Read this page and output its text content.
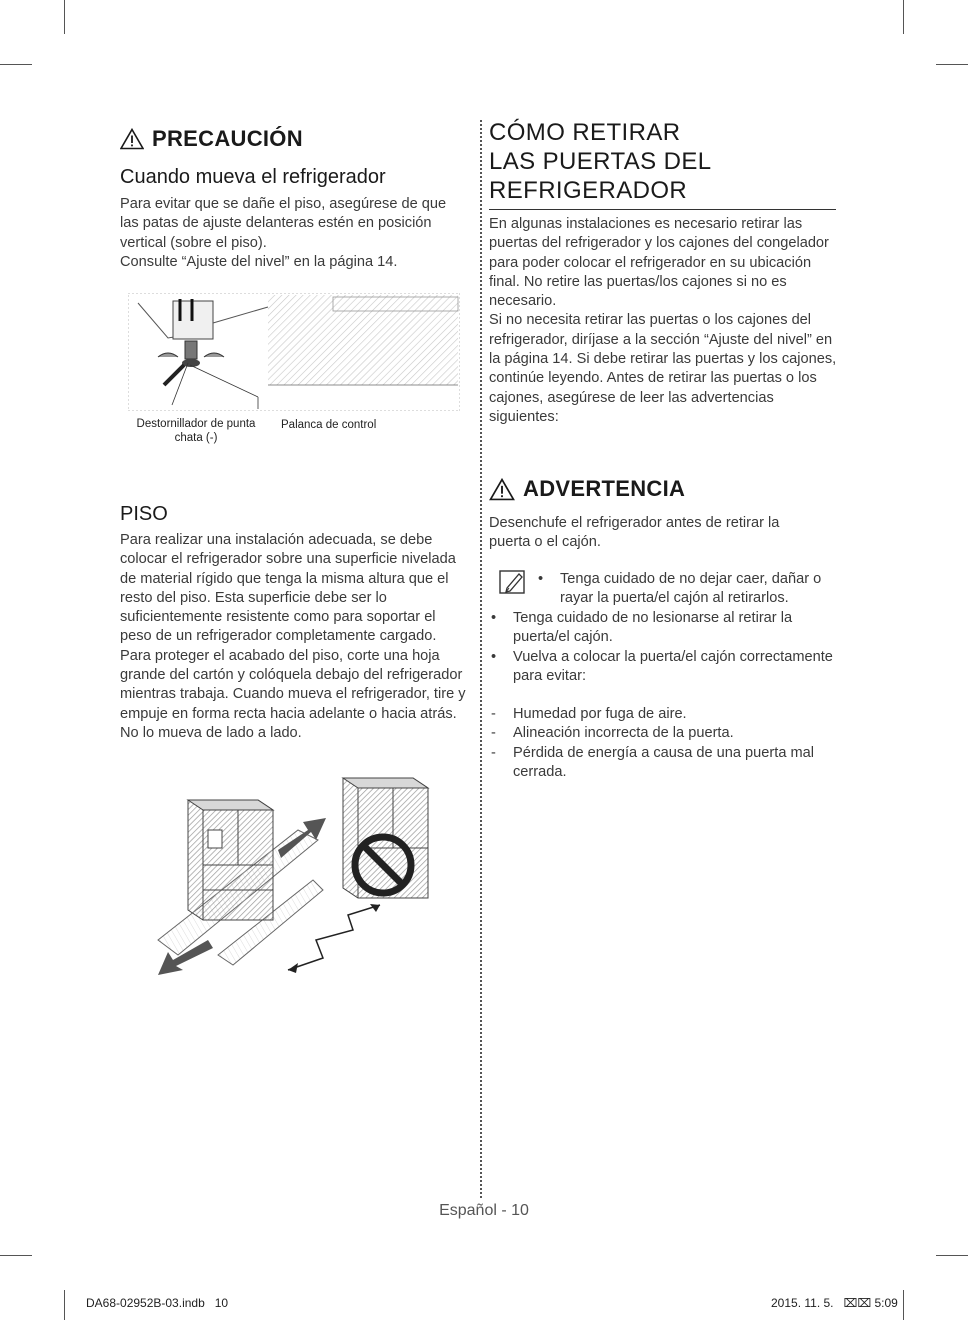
PRECAUCIÓN
Cuando mueva el refrigerador

Para evitar que se dañe el piso, asegúrese de que las patas de ajuste delanteras estén en posición vertical (sobre el piso).

Consulte “Ajuste del nivel” en la página 14.

Destornillador de punta chata (-)
Palanca de control
PISO
Para realizar una instalación adecuada, se debe colocar el refrigerador sobre una superficie nivelada de material rígido que tenga la misma altura que el resto del piso. Esta superficie debe ser lo suficientemente resistente como para soportar el peso de un refrigerador completamente cargado. Para proteger el acabado del piso, corte una hoja grande del cartón y colóquela debajo del refrigerador mientras trabaja. Cuando mueva el refrigerador, tire y empuje en forma recta hacia adelante o hacia atrás. No lo mueva de lado a lado.
CÓMO RETIRAR
LAS PUERTAS DEL
REFRIGERADOR

En algunas instalaciones es necesario retirar las puertas del refrigerador y los cajones del congelador para poder colocar el refrigerador en su ubicación final. No retire las puertas/los cajones si no es necesario.

Si no necesita retirar las puertas o los cajones del refrigerador, diríjase a la sección “Ajuste del nivel” en la página 14. Si debe retirar las puertas y los cajones, continúe leyendo. Antes de retirar las puertas o los cajones, asegúrese de leer las advertencias siguientes:

ADVERTENCIA
Desenchufe el refrigerador antes de retirar la puerta o el cajón.
•	Tenga cuidado de no dejar caer, dañar o rayar la puerta/el cajón al retirarlos.
•	Tenga cuidado de no lesionarse al retirar la puerta/el cajón.
•	Vuelva a colocar la puerta/el cajón correctamente para evitar:
-	Humedad por fuga de aire.
-	Alineación incorrecta de la puerta.
-	Pérdida de energía a causa de una puerta mal cerrada.
Español - 10
DA68-02952B-03.indb   10	2015. 11. 5.   ⌧⌧ 5:09
